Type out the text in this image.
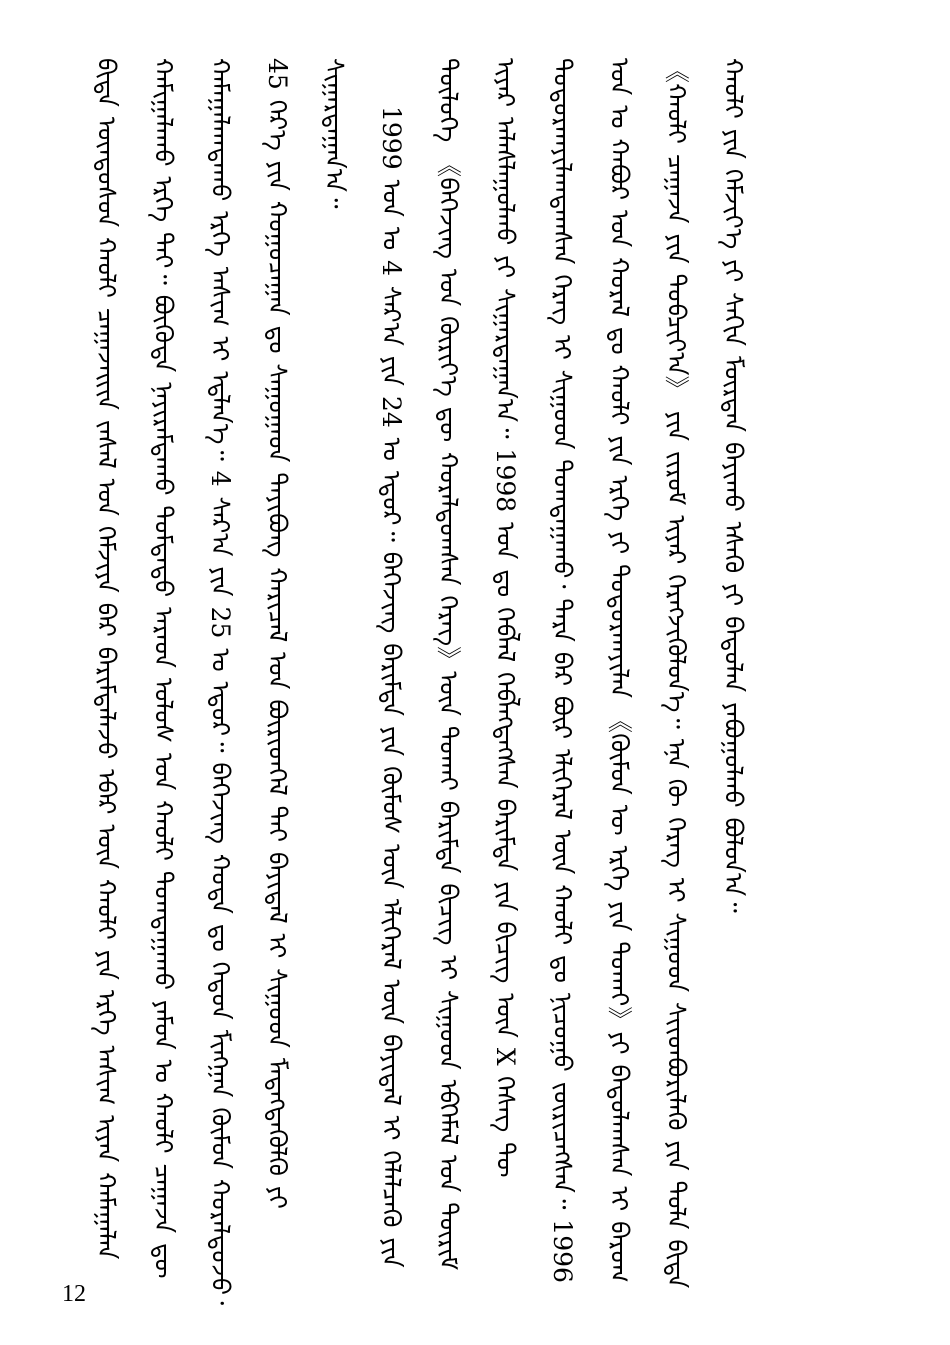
ᠪᠢᠳᠡ ᠦᠨᠳᠦᠰᠦᠨ ᠬᠠᠤᠯᠢ ᠴᠠᠭᠠᠵᠠᠢᠢᠨ ᠵᠠᠰᠠᠯ ᠤᠨ ᠬᠡᠮᠵᠢᠶᠡ ᠪᠡᠷ ᠪᠠᠷᠢᠮᠲᠠᠯᠠᠵᠤ ᠡᠪᠡᠷ ᠦᠨ ᠬᠠᠤᠯᠢ ᠶᠢᠨ ᠡᠷᠬᠡ ᠠᠰᠢᠭ ᠢᠶᠡᠨ ᠬᠠᠮᠠᠭᠠᠯᠠᠨ ᠬᠠᠮᠢᠭᠠᠯᠠᠬᠤ ᠡᠷᠬᠡ ᠲᠡᠢ᠃ ᠪᠦᠭᠦᠳᠡ ᠨᠠᠶᠢᠷᠠᠮᠳᠠᠬᠤ ᠳᠤᠮᠳᠠᠳᠤ ᠠᠷᠠᠳ ᠤᠯᠤᠰ ᠤᠨ ᠬᠠᠤᠯᠢ ᠲᠣᠭᠲᠠᠭᠠᠬᠤ ᠶᠠᠮᠤᠨ ᠤ ᠬᠠᠤᠯᠢ ᠴᠠᠭᠠᠵᠠ ᠳᠦ ᠬᠠᠮᠠᠭᠠᠯᠠᠭᠳᠠᠬᠤ ᠡᠷᠬᠡ ᠠᠰᠢᠭ ᠢ ᠡᠳ᠋ᠯᠡᠨ᠎ᠡ᠃ 4 ᠰᠠᠷ᠎ᠠ ᠶᠢᠨ 25 ᠤ ᠡᠳᠦᠷ᠃ ᠪᠡᠭᠡᠵᠢᠩ ᠬᠣᠲᠠ ᠳᠤ ᠬᠡᠳᠦᠨ ᠮᠢᠩᠭᠠᠨ ᠬᠦᠮᠦᠨ ᠬᠤᠷᠠᠯᠳᠤᠵᠤ᠂ 45 ᠬᠡᠷ᠎ᠡ ᠶᠢᠨ ᠬᠤᠭᠤᠴᠠᠭᠠᠨ ᠳᠤ ᠰᠠᠭᠤᠭᠠᠳ ᠲᠠᠶᠢᠪᠤᠩ ᠬᠠᠷᠢᠴᠠᠯ ᠤᠨ ᠪᠦᠷᠢᠳᠬᠡᠯ ᠲᠡᠢ ᠪᠠᠶᠢᠳᠠᠯ ᠢ ᠰᠢᠭᠤᠳ ᠮᠡᠳᠡᠭᠳᠡᠭᠦᠯᠬᠦ ᠶᠢ ᠰᠢᠭᠠᠷᠳᠠᠭᠠᠨ᠎ᠠ᠃	1999 ᠣᠨ ᠤ 4 ᠰᠠᠷ᠎ᠠ ᠶᠢᠨ 24 ᠤ ᠡᠳᠦᠷ᠃ ᠪᠡᠭᠡᠵᠢᠩ ᠪᠠᠷᠢᠮᠲᠠ ᠶᠢᠨ ᠬᠦᠮᠦᠰ ᠦᠨ ᠡᠯᠢᠭᠡᠷᠡᠯ ᠦᠨ ᠪᠠᠶᠢᠳᠠᠯ ᠢ ᠬᠡᠯᠡᠯᠴᠡᠬᠦ ᠶᠢᠨ ᠲᠥᠯᠥᠭᠡ 《ᠪᠡᠭᠡᠵᠢᠩ ᠤᠨ ᠬᠦᠷᠢᠶ᠎ᠡ ᠳᠦ ᠬᠤᠷᠠᠯᠳᠤᠭᠰᠠᠨ ᠬᠡᠷᠡᠭ》ᠦᠨ ᠲᠤᠬᠠᠢ ᠪᠠᠷᠢᠮᠲᠠ ᠪᠢᠴᠢᠭ ᠢ ᠰᠢᠭᠤᠳ ᠡᠪᠬᠡᠮᠡᠯ ᠤᠨ ᠳᠦᠷᠢᠮ ᠢᠶᠡᠷ ᠠᠯᠠᠰᠯᠠᠭᠤᠯᠬᠤ ᠶᠢ ᠰᠢᠭᠠᠷᠳᠠᠭᠠᠨ᠎ᠠ᠃ 1998 ᠣᠨ ᠳᠤ ᠬᠡᠪᠯᠡᠯ ᠬᠡᠪᠯᠡᠭᠳᠡᠭᠰᠡᠨ ᠪᠠᠷᠢᠮᠲᠠ ᠶᠢᠨ ᠪᠢᠴᠢᠭ ᠦᠨ X ᠬᠡᠰᠡᠭ ᠲᠦ ᠲᠤᠳᠤᠷᠬᠠᠶᠢᠯᠠᠭᠳᠠᠭᠰᠠᠨ ᠬᠡᠷᠡᠭ ᠢ ᠰᠢᠭᠤᠳ ᠲᠣᠭᠲᠠᠭᠠᠬᠤ᠂ ᠲᠡᠷᠡ ᠪᠠᠷ ᠪᠦᠷ ᠡᠯᠢᠭᠡᠷᠡᠯ ᠦᠨ ᠬᠠᠤᠯᠢ ᠳᠤ ᠨᠢᠴᠤᠭᠤ ᠵᠥᠷᠢᠴᠡᠭᠰᠡᠨ᠃ 1996 ᠣᠨ ᠤ ᠬᠠᠪᠤᠷ ᠤᠨ ᠬᠤᠷᠠᠯ ᠳᠤ ᠬᠠᠤᠯᠢ ᠶᠢᠨ ᠡᠷᠬᠡ ᠶᠢ ᠲᠣᠳᠤᠷᠬᠠᠶᠢᠯᠠᠨ 《ᠬᠦᠮᠦᠨ ᠦ ᠡᠷᠬᠡ ᠶᠢᠨ ᠲᠤᠬᠠᠢ》ᠶᠢ ᠪᠠᠲᠤᠯᠠᠭᠰᠠᠨ ᠢ ᠪᠠᠷᠤᠭ 《ᠬᠠᠤᠯᠢ ᠴᠠᠭᠠᠵᠠ ᠶᠢᠨ ᠲᠣᠪᠴᠢᠶ᠎ᠠ》 ᠶᠢᠨ ᠵᠢᠷᠤᠮ ᠢᠶᠡᠷ ᠬᠡᠷᠡᠭᠵᠢᠭᠦᠯᠦᠨ᠎ᠡ᠃ ᠡᠨᠡ ᠬᠦ ᠬᠡᠷᠡᠭ ᠢ ᠰᠢᠭᠤᠳ ᠰᠢᠢᠳᠪᠦᠷᠢᠯᠡᠬᠦ ᠶᠢᠨ ᠲᠤᠯᠠ ᠪᠢᠳᠡ ᠬᠠᠤᠯᠢ ᠶᠢᠨ ᠬᠡᠮᠵᠢᠶ᠎ᠡ ᠶᠢ ᠰᠠᠬᠢᠨ ᠮᠥᠷᠳᠡᠨ ᠪᠠᠶᠢᠬᠤ ᠡᠰᠡᠬᠦ ᠶᠢ ᠪᠠᠲᠤᠯᠠᠨ ᠶᠠᠪᠤᠭᠤᠯᠬᠤ ᠪᠣᠯᠤᠨ᠎ᠠ᠃

12
